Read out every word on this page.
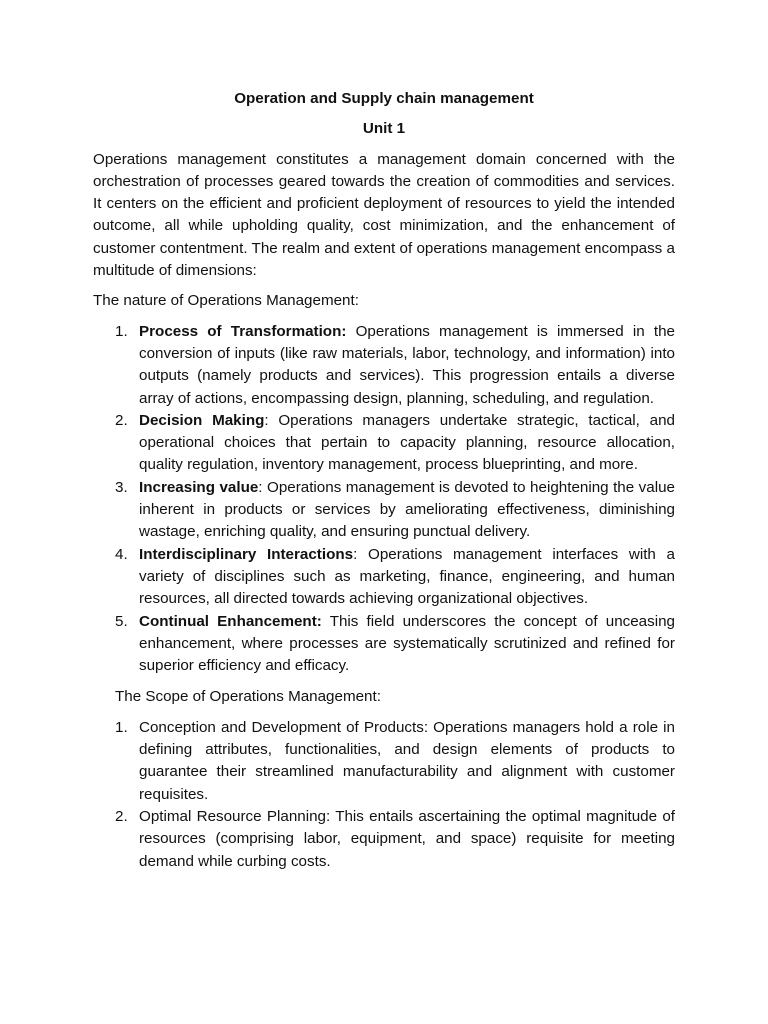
Operation and Supply chain management

Unit 1

Operations management constitutes a management domain concerned with the orchestration of processes geared towards the creation of commodities and services. It centers on the efficient and proficient deployment of resources to yield the intended outcome, all while upholding quality, cost minimization, and the enhancement of customer contentment. The realm and extent of operations management encompass a multitude of dimensions:

The nature of Operations Management:

1. Process of Transformation: Operations management is immersed in the conversion of inputs (like raw materials, labor, technology, and information) into outputs (namely products and services). This progression entails a diverse array of actions, encompassing design, planning, scheduling, and regulation.
2. Decision Making: Operations managers undertake strategic, tactical, and operational choices that pertain to capacity planning, resource allocation, quality regulation, inventory management, process blueprinting, and more.
3. Increasing value: Operations management is devoted to heightening the value inherent in products or services by ameliorating effectiveness, diminishing wastage, enriching quality, and ensuring punctual delivery.
4. Interdisciplinary Interactions: Operations management interfaces with a variety of disciplines such as marketing, finance, engineering, and human resources, all directed towards achieving organizational objectives.
5. Continual Enhancement: This field underscores the concept of unceasing enhancement, where processes are systematically scrutinized and refined for superior efficiency and efficacy.

The Scope of Operations Management:

1. Conception and Development of Products: Operations managers hold a role in defining attributes, functionalities, and design elements of products to guarantee their streamlined manufacturability and alignment with customer requisites.
2. Optimal Resource Planning: This entails ascertaining the optimal magnitude of resources (comprising labor, equipment, and space) requisite for meeting demand while curbing costs.
